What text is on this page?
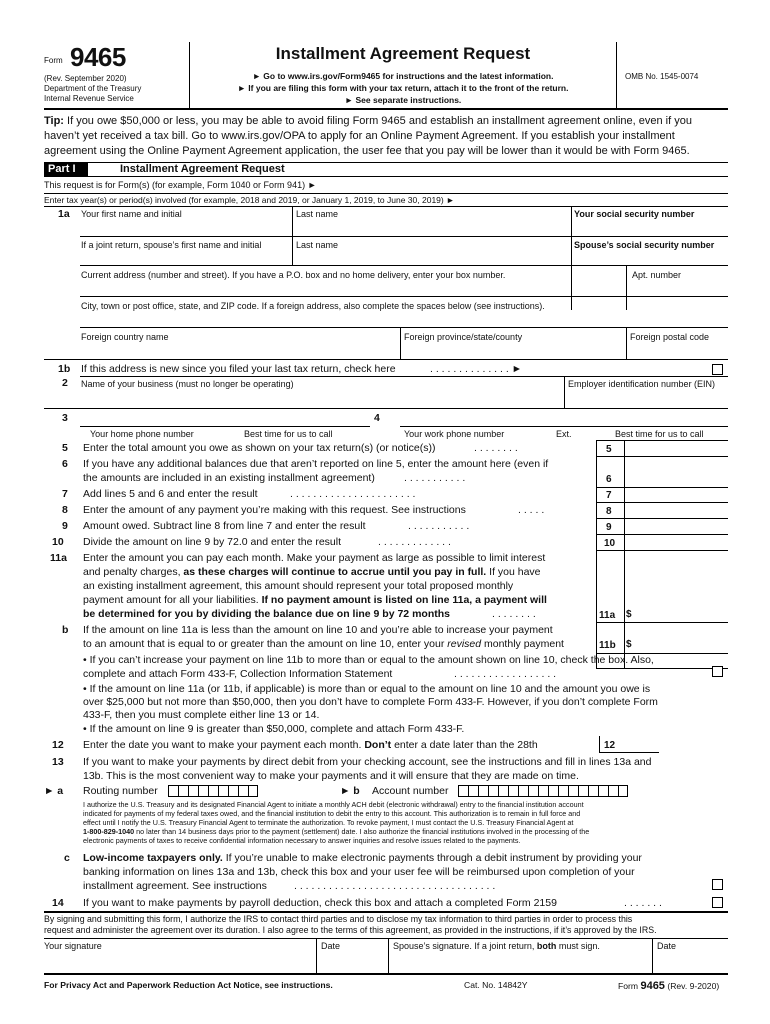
Form 9465
(Rev. September 2020)
Department of the Treasury
Internal Revenue Service
Installment Agreement Request
► Go to www.irs.gov/Form9465 for instructions and the latest information.
► If you are filing this form with your tax return, attach it to the front of the return.
► See separate instructions.
OMB No. 1545-0074
Tip: If you owe $50,000 or less, you may be able to avoid filing Form 9465 and establish an installment agreement online, even if you haven’t yet received a tax bill. Go to www.irs.gov/OPA to apply for an Online Payment Agreement. If you establish your installment agreement using the Online Payment Agreement application, the user fee that you pay will be lower than it would be with Form 9465.
Part I	Installment Agreement Request
This request is for Form(s) (for example, Form 1040 or Form 941) ►
Enter tax year(s) or period(s) involved (for example, 2018 and 2019, or January 1, 2019, to June 30, 2019) ►
1a Your first name and initial	Last name	Your social security number
If a joint return, spouse’s first name and initial	Last name	Spouse’s social security number
Current address (number and street). If you have a P.O. box and no home delivery, enter your box number.	Apt. number
City, town or post office, state, and ZIP code. If a foreign address, also complete the spaces below (see instructions).
Foreign country name	Foreign province/state/county	Foreign postal code
1b If this address is new since you filed your last tax return, check here	. . . . . . . . . . . . . . ►
2 Name of your business (must no longer be operating)	Employer identification number (EIN)
3	4
Your home phone number	Best time for us to call	Your work phone number	Ext.	Best time for us to call
5 Enter the total amount you owe as shown on your tax return(s) (or notice(s))	. . . . . . . .	5
6 If you have any additional balances due that aren’t reported on line 5, enter the amount here (even if
the amounts are included in an existing installment agreement)	. . . . . . . . . . .	6
7 Add lines 5 and 6 and enter the result	. . . . . . . . . . . . . . . . . . . . . .	7
8 Enter the amount of any payment you’re making with this request. See instructions	. . . . .	8
9 Amount owed. Subtract line 8 from line 7 and enter the result	. . . . . . . . . . .	9
10 Divide the amount on line 9 by 72.0 and enter the result	. . . . . . . . . . . . .	10
11a Enter the amount you can pay each month. Make your payment as large as possible to limit interest
and penalty charges, as these charges will continue to accrue until you pay in full. If you have
an existing installment agreement, this amount should represent your total proposed monthly
payment amount for all your liabilities. If no payment amount is listed on line 11a, a payment will
be determined for you by dividing the balance due on line 9 by 72 months	. . . . . . . .	11a $
b If the amount on line 11a is less than the amount on line 10 and you’re able to increase your payment
to an amount that is equal to or greater than the amount on line 10, enter your revised monthly payment	11b $
• If you can’t increase your payment on line 11b to more than or equal to the amount shown on line 10, check the box. Also,
complete and attach Form 433-F, Collection Information Statement	. . . . . . . . . . . . . . . . . .
• If the amount on line 11a (or 11b, if applicable) is more than or equal to the amount on line 10 and the amount you owe is
over $25,000 but not more than $50,000, then you don’t have to complete Form 433-F. However, if you don’t complete Form
433-F, then you must complete either line 13 or 14.
• If the amount on line 9 is greater than $50,000, complete and attach Form 433-F.
12 Enter the date you want to make your payment each month. Don’t enter a date later than the 28th	12
13 If you want to make your payments by direct debit from your checking account, see the instructions and fill in lines 13a and
13b. This is the most convenient way to make your payments and it will ensure that they are made on time.
► a Routing number	► b Account number
I authorize the U.S. Treasury and its designated Financial Agent to initiate a monthly ACH debit (electronic withdrawal) entry to the financial institution account
indicated for payments of my federal taxes owed, and the financial institution to debit the entry to this account. This authorization is to remain in full force and
effect until I notify the U.S. Treasury Financial Agent to terminate the authorization. To revoke payment, I must contact the U.S. Treasury Financial Agent at
1-800-829-1040 no later than 14 business days prior to the payment (settlement) date. I also authorize the financial institutions involved in the processing of the
electronic payments of taxes to receive confidential information necessary to answer inquiries and resolve issues related to the payments.
c Low-income taxpayers only. If you’re unable to make electronic payments through a debit instrument by providing your
banking information on lines 13a and 13b, check this box and your user fee will be reimbursed upon completion of your
installment agreement. See instructions	. . . . . . . . . . . . . . . . . . . . . . . . . . . . . . . . . . .
14 If you want to make payments by payroll deduction, check this box and attach a completed Form 2159	. . . . . . .
By signing and submitting this form, I authorize the IRS to contact third parties and to disclose my tax information to third parties in order to process this
request and administer the agreement over its duration. I also agree to the terms of this agreement, as provided in the instructions, if it’s approved by the IRS.
Your signature	Date	Spouse’s signature. If a joint return, both must sign.	Date
For Privacy Act and Paperwork Reduction Act Notice, see instructions.	Cat. No. 14842Y	Form 9465 (Rev. 9-2020)
